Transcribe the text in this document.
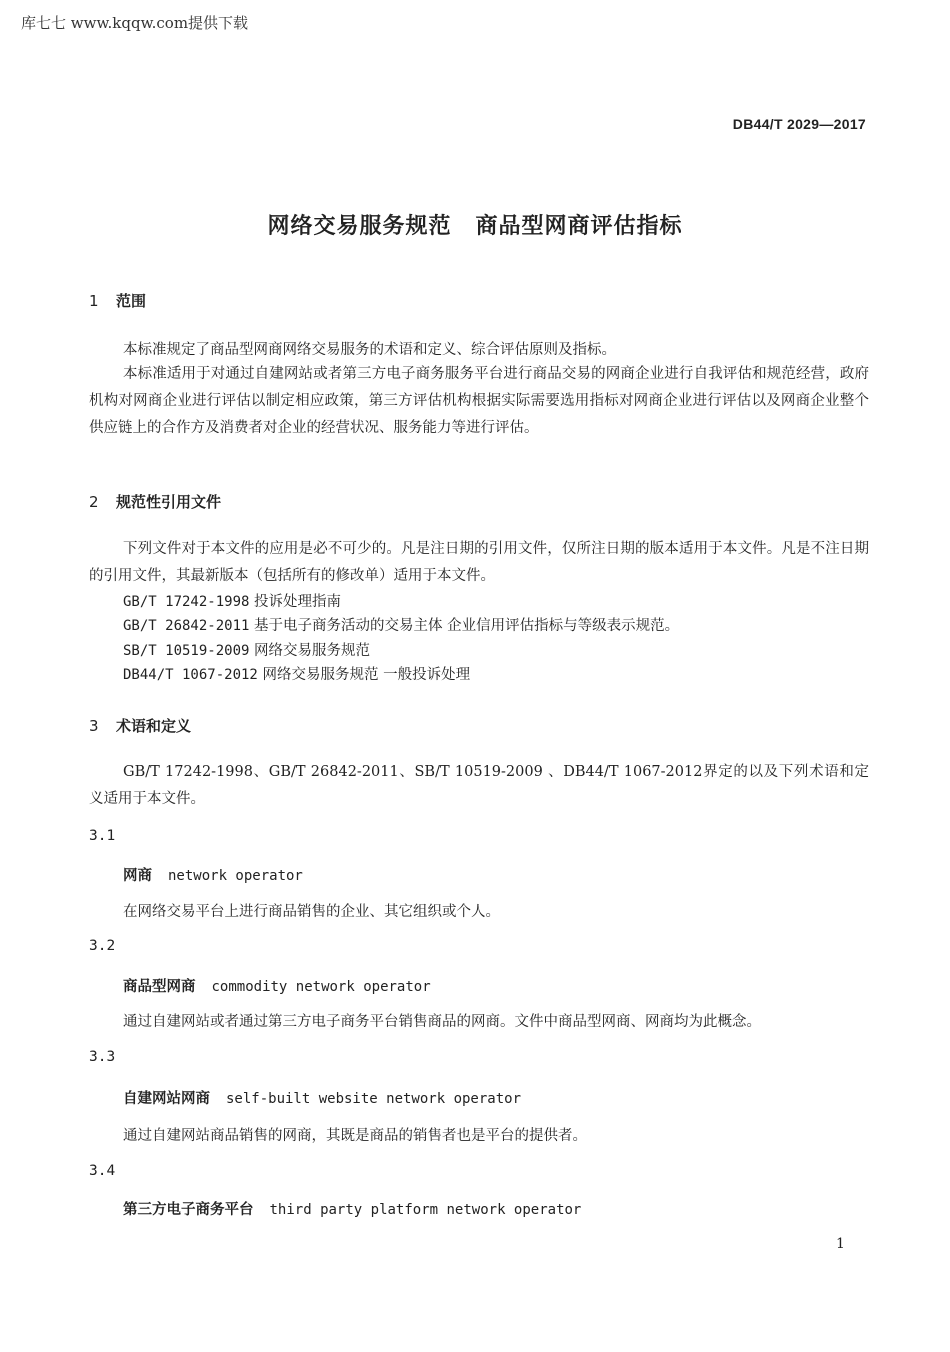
库七七 www.kqqw.com提供下载
DB44/T 2029—2017
网络交易服务规范 商品型网商评估指标
1 范围
本标准规定了商品型网商网络交易服务的术语和定义、综合评估原则及指标。
本标准适用于对通过自建网站或者第三方电子商务服务平台进行商品交易的网商企业进行自我评估和规范经营，政府机构对网商企业进行评估以制定相应政策，第三方评估机构根据实际需要选用指标对网商企业进行评估以及网商企业整个供应链上的合作方及消费者对企业的经营状况、服务能力等进行评估。
2 规范性引用文件
下列文件对于本文件的应用是必不可少的。凡是注日期的引用文件，仅所注日期的版本适用于本文件。凡是不注日期的引用文件，其最新版本（包括所有的修改单）适用于本文件。
GB/T 17242-1998 投诉处理指南
GB/T 26842-2011 基于电子商务活动的交易主体 企业信用评估指标与等级表示规范。
SB/T 10519-2009 网络交易服务规范
DB44/T 1067-2012 网络交易服务规范 一般投诉处理
3 术语和定义
GB/T 17242-1998、GB/T 26842-2011、SB/T 10519-2009 、DB44/T 1067-2012界定的以及下列术语和定义适用于本文件。
3.1
网商 network operator
在网络交易平台上进行商品销售的企业、其它组织或个人。
3.2
商品型网商 commodity network operator
通过自建网站或者通过第三方电子商务平台销售商品的网商。文件中商品型网商、网商均为此概念。
3.3
自建网站网商 self-built website network operator
通过自建网站商品销售的网商，其既是商品的销售者也是平台的提供者。
3.4
第三方电子商务平台 third party platform network operator
1
